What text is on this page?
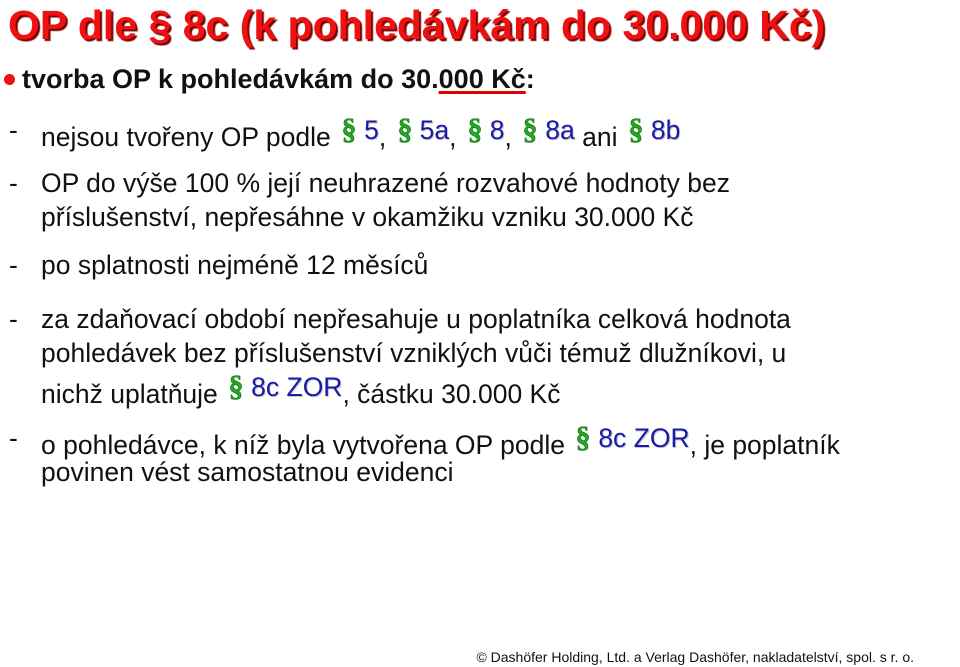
OP dle § 8c (k pohledávkám do 30.000 Kč)
tvorba OP k pohledávkám do 30. 000 Kč :
- nejsou tvořeny OP podle § 5 , § 5a , § 8 , § 8a ani § 8b
- OP do výše 100 % její neuhrazené rozvahové hodnoty bez
příslušenství, nepřesáhne v okamžiku vzniku 30.000 Kč
- po splatnosti nejméně 12 měsíců
- za zdaňovací období nepřesahuje u poplatníka celková hodnota
pohledávek bez příslušenství vzniklých vůči témuž dlužníkovi, u
nichž uplatňuje § 8c ZOR , částku 30.000 Kč
- o pohledávce, k níž byla vytvořena OP podle § 8c ZOR , je poplatník
povinen vést samostatnou evidenci
© Dashöfer Holding, Ltd. a Verlag Dashöfer, nakladatelství, spol. s r. o.
